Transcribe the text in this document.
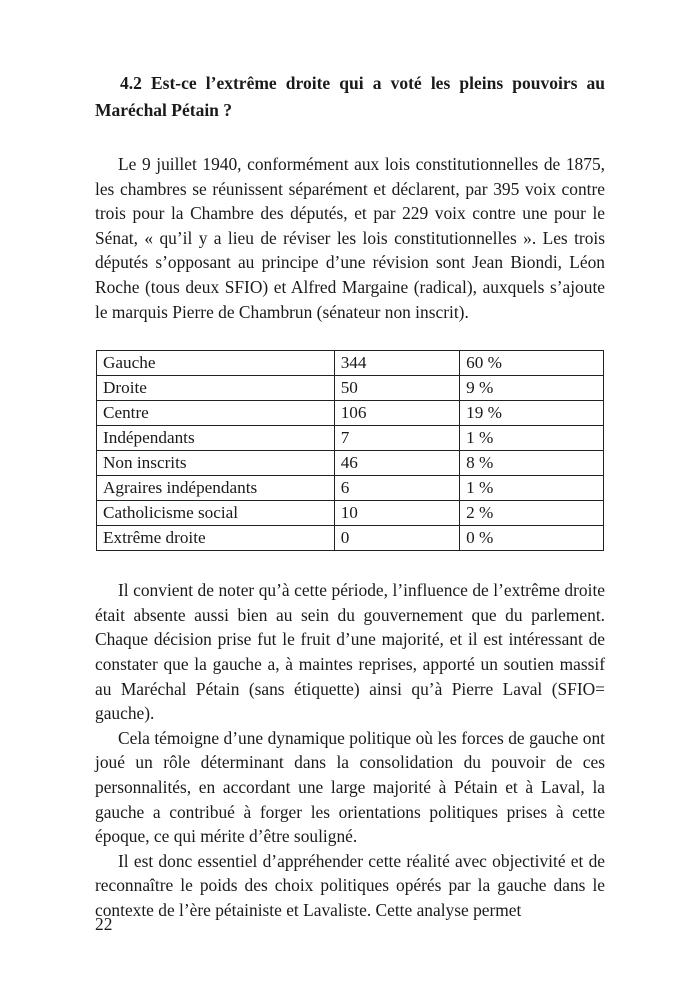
4.2 Est-ce l’extrême droite qui a voté les pleins pouvoirs au Maréchal Pétain ?

Le 9 juillet 1940, conformément aux lois constitutionnelles de 1875, les chambres se réunissent séparément et déclarent, par 395 voix contre trois pour la Chambre des députés, et par 229 voix contre une pour le Sénat, « qu’il y a lieu de réviser les lois constitutionnelles ». Les trois députés s’opposant au principe d’une révision sont Jean Biondi, Léon Roche (tous deux SFIO) et Alfred Margaine (radical), auxquels s’ajoute le marquis Pierre de Chambrun (sénateur non inscrit).

Gauche	344	60 %
Droite	50	9 %
Centre	106	19 %
Indépendants	7	1 %
Non inscrits	46	8 %
Agraires indépendants	6	1 %
Catholicisme social	10	2 %
Extrême droite	0	0 %

Il convient de noter qu’à cette période, l’influence de l’extrême droite était absente aussi bien au sein du gouvernement que du parlement. Chaque décision prise fut le fruit d’une majorité, et il est intéressant de constater que la gauche a, à maintes reprises, apporté un soutien massif au Maréchal Pétain (sans étiquette) ainsi qu’à Pierre Laval (SFIO= gauche).

Cela témoigne d’une dynamique politique où les forces de gauche ont joué un rôle déterminant dans la consolidation du pouvoir de ces personnalités, en accordant une large majorité à Pétain et à Laval, la gauche a contribué à forger les orientations politiques prises à cette époque, ce qui mérite d’être souligné.

Il est donc essentiel d’appréhender cette réalité avec objectivité et de reconnaître le poids des choix politiques opérés par la gauche dans le contexte de l’ère pétainiste et Lavaliste. Cette analyse permet

22
